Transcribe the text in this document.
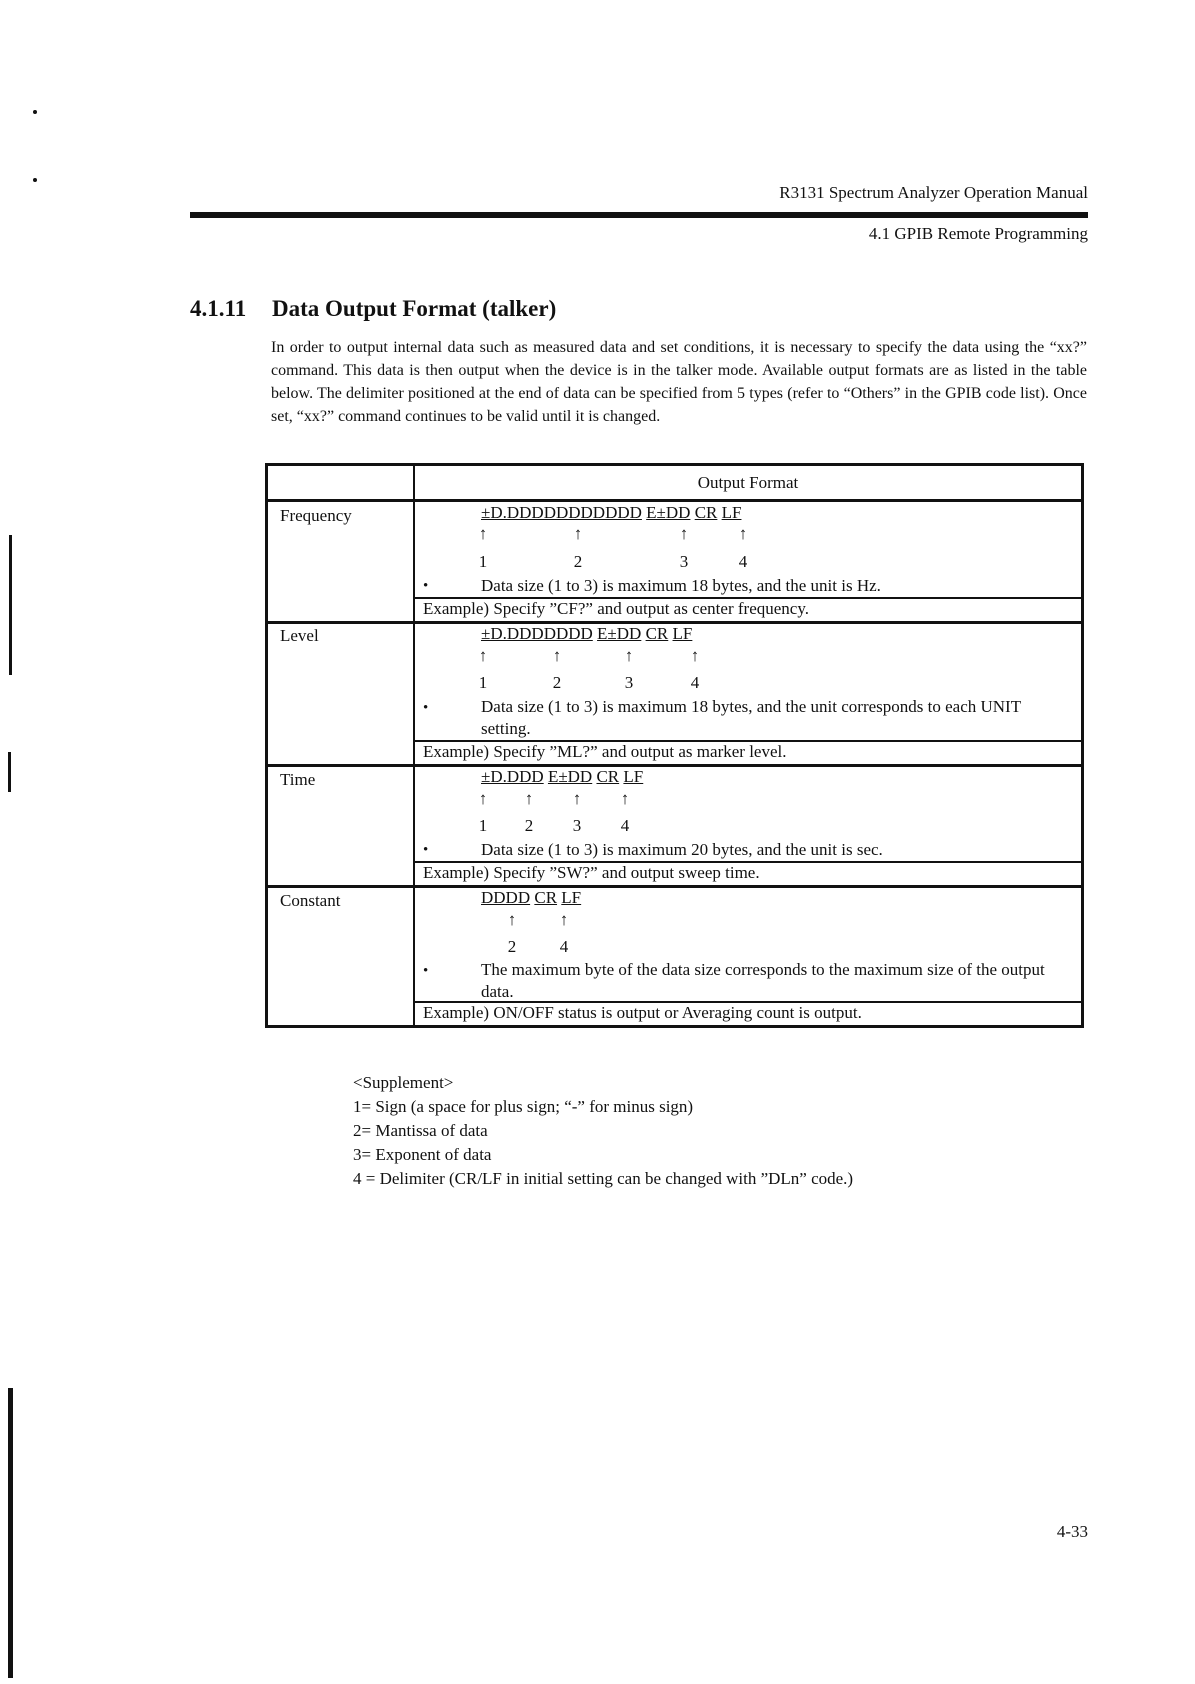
R3131 Spectrum Analyzer Operation Manual
4.1 GPIB Remote Programming
4.1.11 Data Output Format (talker)
In order to output internal data such as measured data and set conditions, it is necessary to specify the data using the “xx?” command. This data is then output when the device is in the talker mode. Available output formats are as listed in the table below. The delimiter positioned at the end of data can be specified from 5 types (refer to “Others” in the GPIB code list). Once set, “xx?” command continues to be valid until it is changed.
Output Format
Frequency	±D.DDDDDDDDDDD E±DD CR LF
↑	↑	↑	↑
1	2	3	4
•	Data size (1 to 3) is maximum 18 bytes, and the unit is Hz.
Example) Specify ”CF?” and output as center frequency.
Level	±D.DDDDDDD E±DD CR LF
↑	↑	↑	↑
1	2	3	4
•	Data size (1 to 3) is maximum 18 bytes, and the unit corresponds to each UNIT setting.
Example) Specify ”ML?” and output as marker level.
Time	±D.DDD E±DD CR LF
↑ ↑ ↑ ↑
1 2 3 4
•	Data size (1 to 3) is maximum 20 bytes, and the unit is sec.
Example) Specify ”SW?” and output sweep time.
Constant	DDDD CR LF
↑	↑
2	4
•	The maximum byte of the data size corresponds to the maximum size of the output data.
Example) ON/OFF status is output or Averaging count is output.
<Supplement>
1= Sign (a space for plus sign; “-” for minus sign)
2= Mantissa of data
3= Exponent of data
4 = Delimiter (CR/LF in initial setting can be changed with ”DLn” code.)
4-33
